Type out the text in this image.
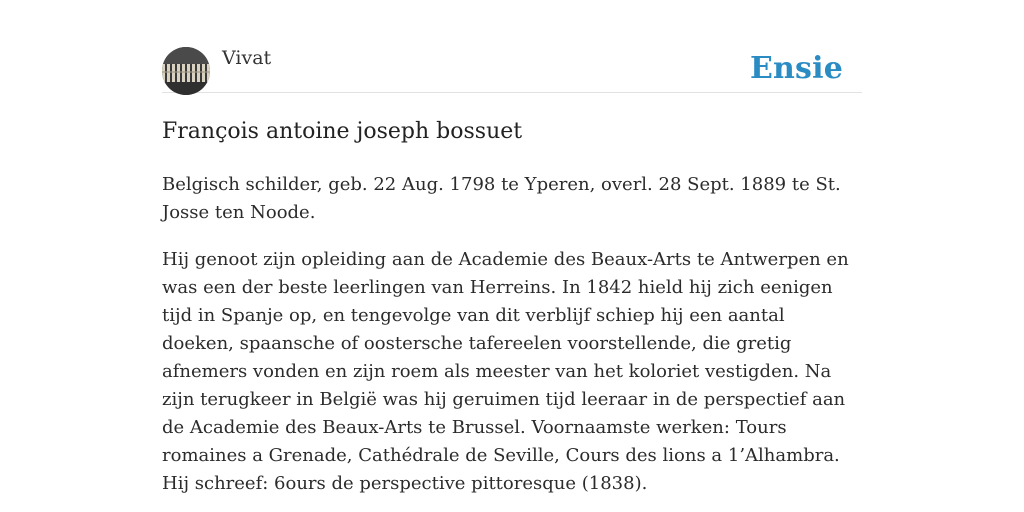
Vivat	Ensie
François antoine joseph bossuet

Belgisch schilder, geb. 22 Aug. 1798 te Yperen, overl. 28 Sept. 1889 te St. Josse ten Noode.

Hij genoot zijn opleiding aan de Academie des Beaux-Arts te Antwerpen en was een der beste leerlingen van Herreins. In 1842 hield hij zich eenigen tijd in Spanje op, en tengevolge van dit verblijf schiep hij een aantal doeken, spaansche of oostersche tafereelen voorstellende, die gretig afnemers vonden en zijn roem als meester van het koloriet vestigden. Na zijn terugkeer in België was hij geruimen tijd leeraar in de perspectief aan de Academie des Beaux-Arts te Brussel. Voornaamste werken: Tours romaines a Grenade, Cathédrale de Seville, Cours des lions a 1’Alhambra. Hij schreef: 6ours de perspective pittoresque (1838).
